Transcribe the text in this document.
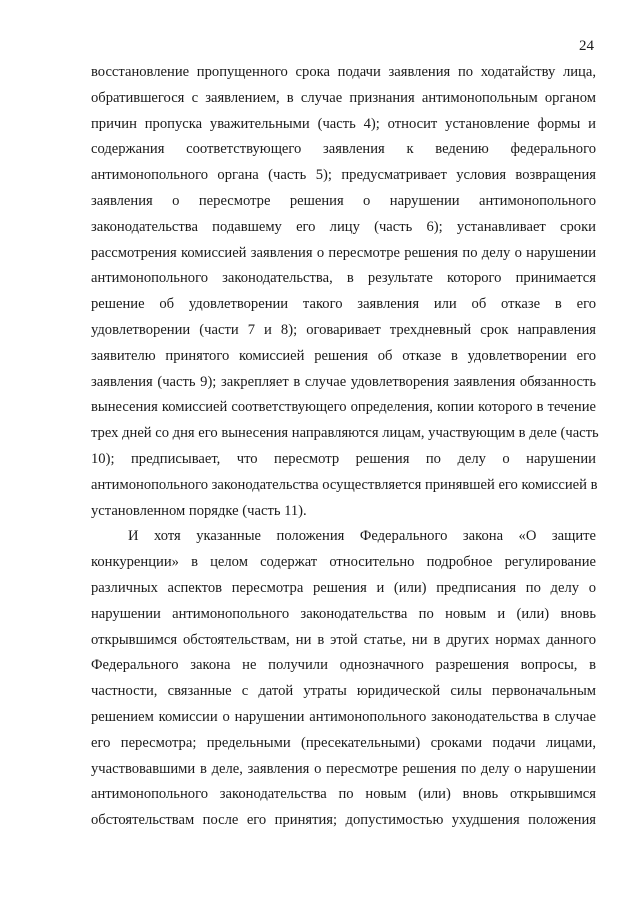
24
восстановление пропущенного срока подачи заявления по ходатайству лица,
обратившегося с заявлением, в случае признания антимонопольным органом
причин пропуска уважительными (часть 4); относит установление формы и
содержания соответствующего заявления к ведению федерального
антимонопольного органа (часть 5); предусматривает условия возвращения
заявления о пересмотре решения о нарушении антимонопольного
законодательства подавшему его лицу (часть 6); устанавливает сроки
рассмотрения комиссией заявления о пересмотре решения по делу о нарушении
антимонопольного законодательства, в результате которого принимается
решение об удовлетворении такого заявления или об отказе в его
удовлетворении (части 7 и 8); оговаривает трехдневный срок направления
заявителю принятого комиссией решения об отказе в удовлетворении его
заявления (часть 9); закрепляет в случае удовлетворения заявления обязанность
вынесения комиссией соответствующего определения, копии которого в течение
трех дней со дня его вынесения направляются лицам, участвующим в деле (часть
10); предписывает, что пересмотр решения по делу о нарушении
антимонопольного законодательства осуществляется принявшей его комиссией в
установленном порядке (часть 11).
И хотя указанные положения Федерального закона «О защите
конкуренции» в целом содержат относительно подробное регулирование
различных аспектов пересмотра решения и (или) предписания по делу о
нарушении антимонопольного законодательства по новым и (или) вновь
открывшимся обстоятельствам, ни в этой статье, ни в других нормах данного
Федерального закона не получили однозначного разрешения вопросы, в
частности, связанные с датой утраты юридической силы первоначальным
решением комиссии о нарушении антимонопольного законодательства в случае
его пересмотра; предельными (пресекательными) сроками подачи лицами,
участвовавшими в деле, заявления о пересмотре решения по делу о нарушении
антимонопольного законодательства по новым (или) вновь открывшимся
обстоятельствам после его принятия; допустимостью ухудшения положения
